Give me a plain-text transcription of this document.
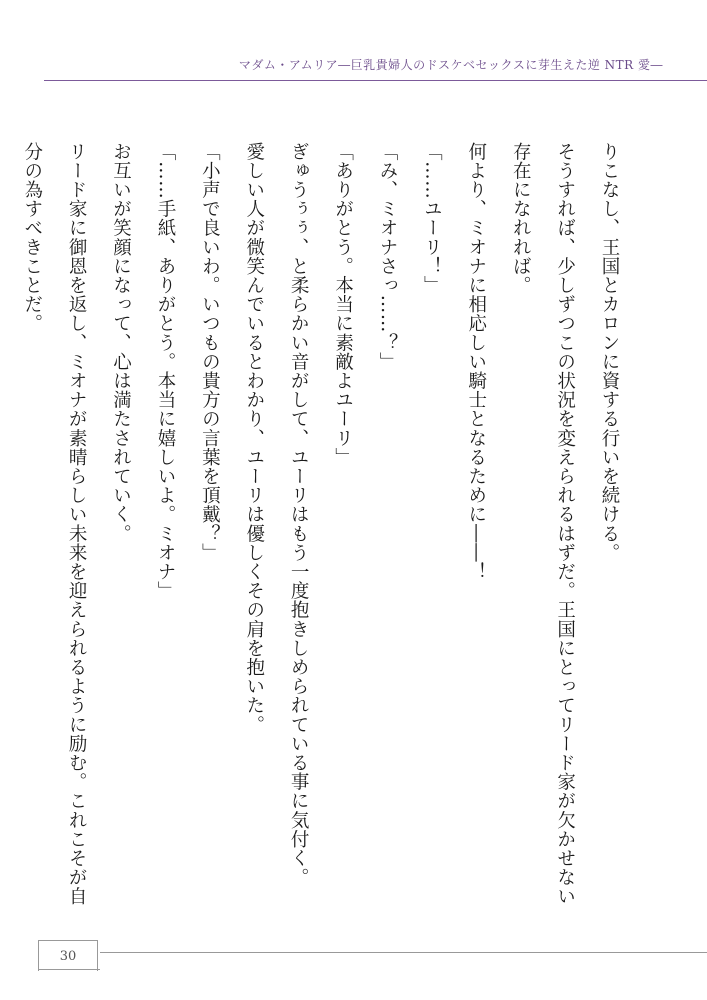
マダム・アムリア―巨乳貴婦人のドスケベセックスに芽生えた逆 NTR 愛―

りこなし、王国とカロンに資する行いを続ける。

そうすれば、少しずつこの状況を変えられるはずだ。王国にとってリード家が欠かせない

存在になれれば。

何より、ミオナに相応しい騎士となるために――！

「……ユーリ！」

「み、ミオナさっ……？」

「ありがとう。本当に素敵よユーリ」

ぎゅうぅぅ、と柔らかい音がして、ユーリはもう一度抱きしめられている事に気付く。

愛しい人が微笑んでいるとわかり、ユーリは優しくその肩を抱いた。

「小声で良いわ。いつもの貴方の言葉を頂戴？」

「……手紙、ありがとう。本当に嬉しいよ。ミオナ」

お互いが笑顔になって、心は満たされていく。

リード家に御恩を返し、ミオナが素晴らしい未来を迎えられるように励む。これこそが自

分の為すべきことだ。

30
